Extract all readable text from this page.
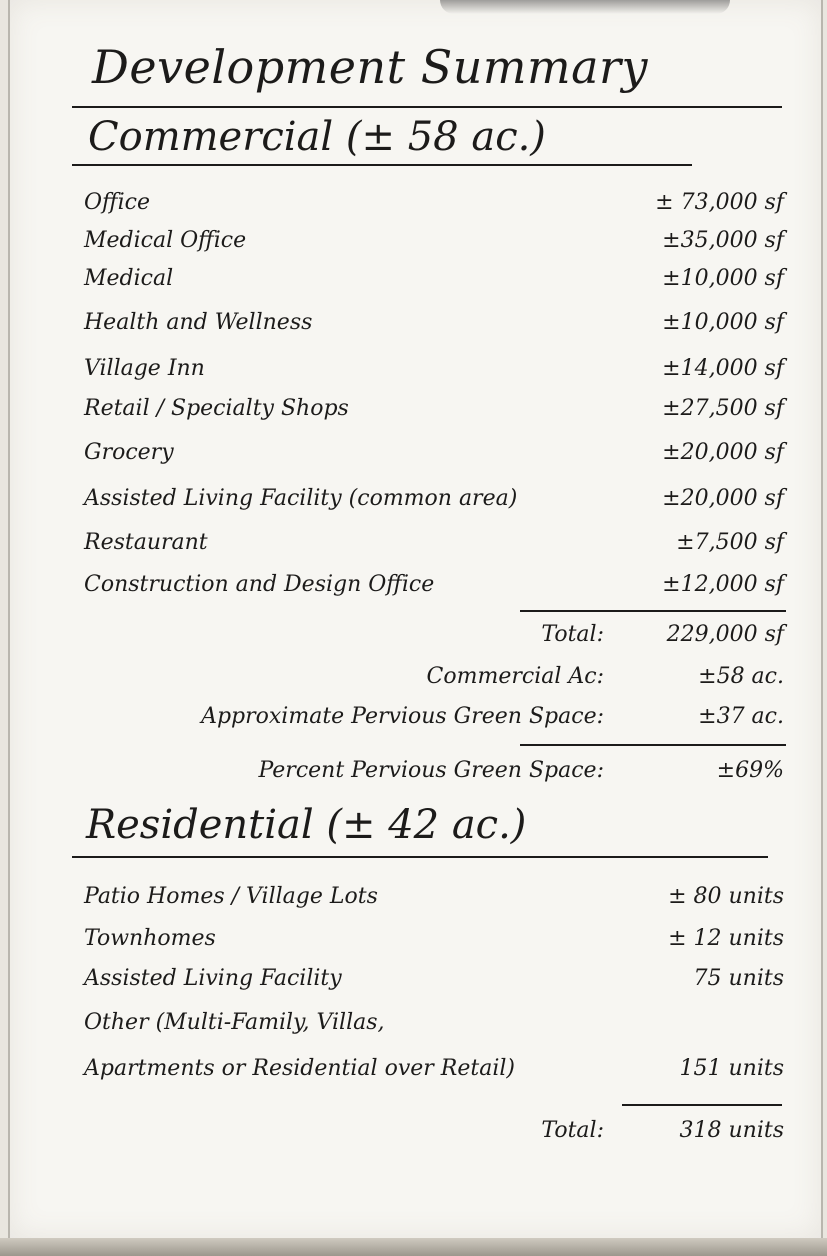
Development Summary
Commercial (± 58 ac.)
Office	± 73,000 sf
Medical Office	±35,000 sf
Medical	±10,000 sf
Health and Wellness	±10,000 sf
Village Inn	±14,000 sf
Retail / Specialty Shops	±27,500 sf
Grocery	±20,000 sf
Assisted Living Facility (common area)	±20,000 sf
Restaurant	±7,500 sf
Construction and Design Office	±12,000 sf
Total:	229,000 sf
Commercial Ac:	±58 ac.
Approximate Pervious Green Space:	±37 ac.
Percent Pervious Green Space:	±69%
Residential (± 42 ac.)
Patio Homes / Village Lots	± 80 units
Townhomes	± 12 units
Assisted Living Facility	75 units
Other (Multi-Family, Villas,
Apartments or Residential over Retail)	151 units
Total:	318 units
